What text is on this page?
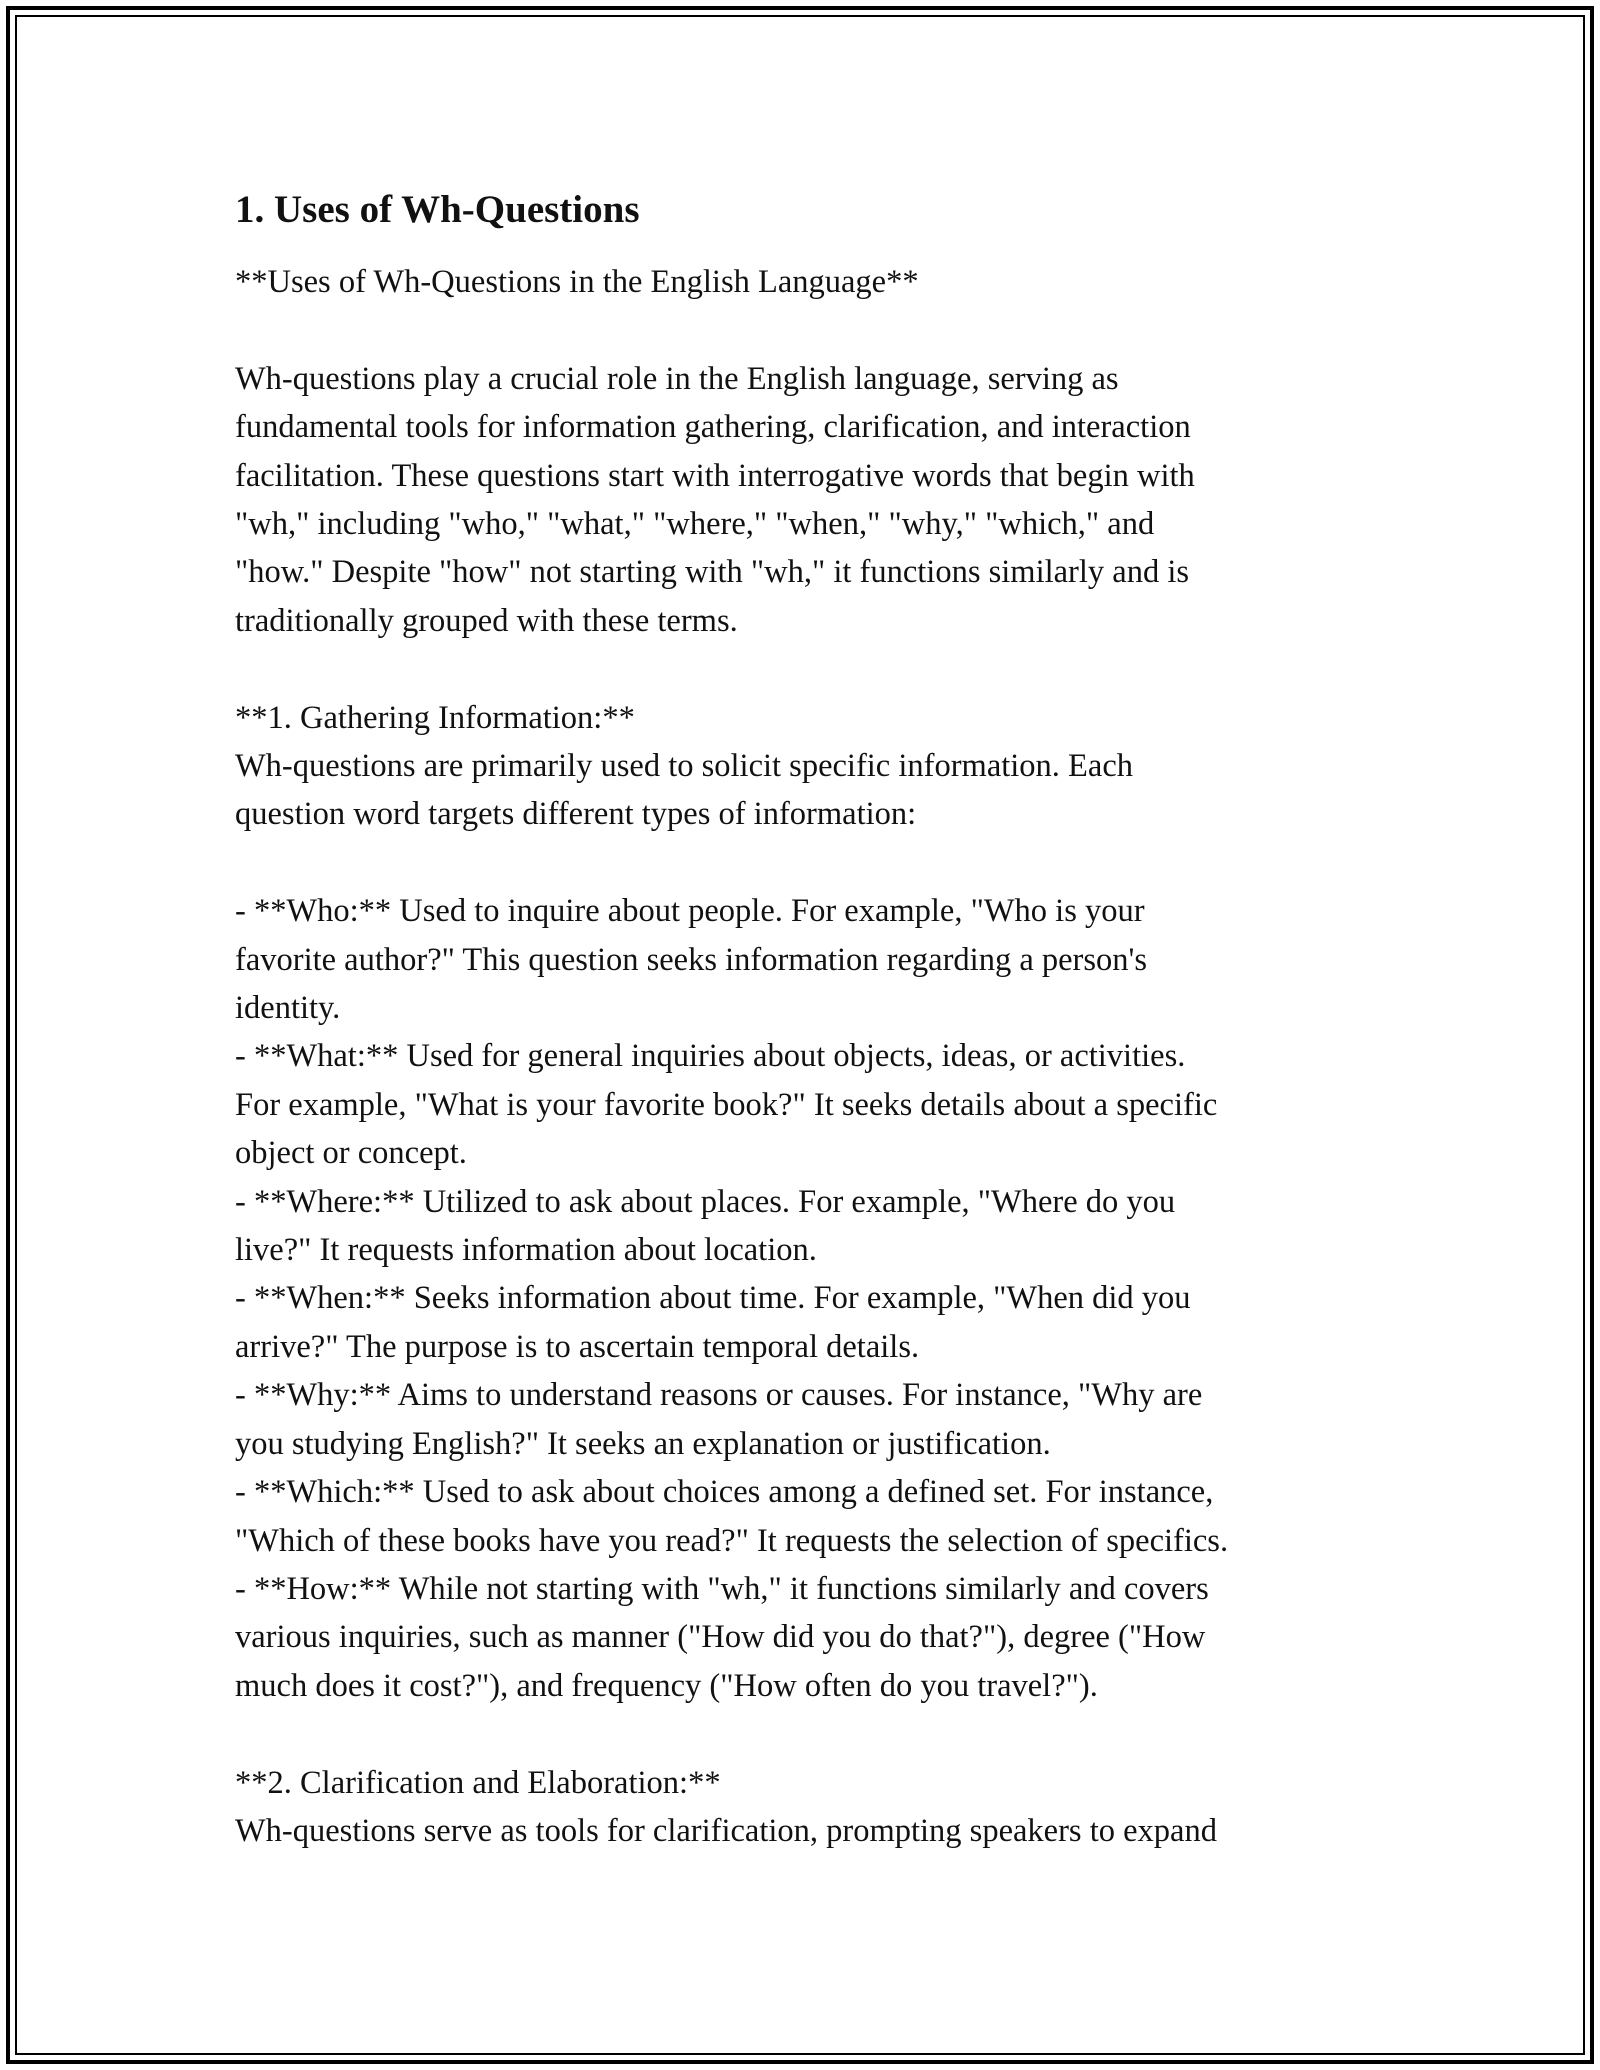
1. Uses of Wh-Questions

**Uses of Wh-Questions in the English Language**

Wh-questions play a crucial role in the English language, serving as

fundamental tools for information gathering, clarification, and interaction

facilitation. These questions start with interrogative words that begin with

"wh," including "who," "what," "where," "when," "why," "which," and

"how." Despite "how" not starting with "wh," it functions similarly and is

traditionally grouped with these terms.

**1. Gathering Information:**

Wh-questions are primarily used to solicit specific information. Each

question word targets different types of information:

- **Who:** Used to inquire about people. For example, "Who is your

favorite author?" This question seeks information regarding a person's

identity.

- **What:** Used for general inquiries about objects, ideas, or activities.

For example, "What is your favorite book?" It seeks details about a specific

object or concept.

- **Where:** Utilized to ask about places. For example, "Where do you

live?" It requests information about location.

- **When:** Seeks information about time. For example, "When did you

arrive?" The purpose is to ascertain temporal details.

- **Why:** Aims to understand reasons or causes. For instance, "Why are

you studying English?" It seeks an explanation or justification.

- **Which:** Used to ask about choices among a defined set. For instance,

"Which of these books have you read?" It requests the selection of specifics.

- **How:** While not starting with "wh," it functions similarly and covers

various inquiries, such as manner ("How did you do that?"), degree ("How

much does it cost?"), and frequency ("How often do you travel?").

**2. Clarification and Elaboration:**

Wh-questions serve as tools for clarification, prompting speakers to expand
